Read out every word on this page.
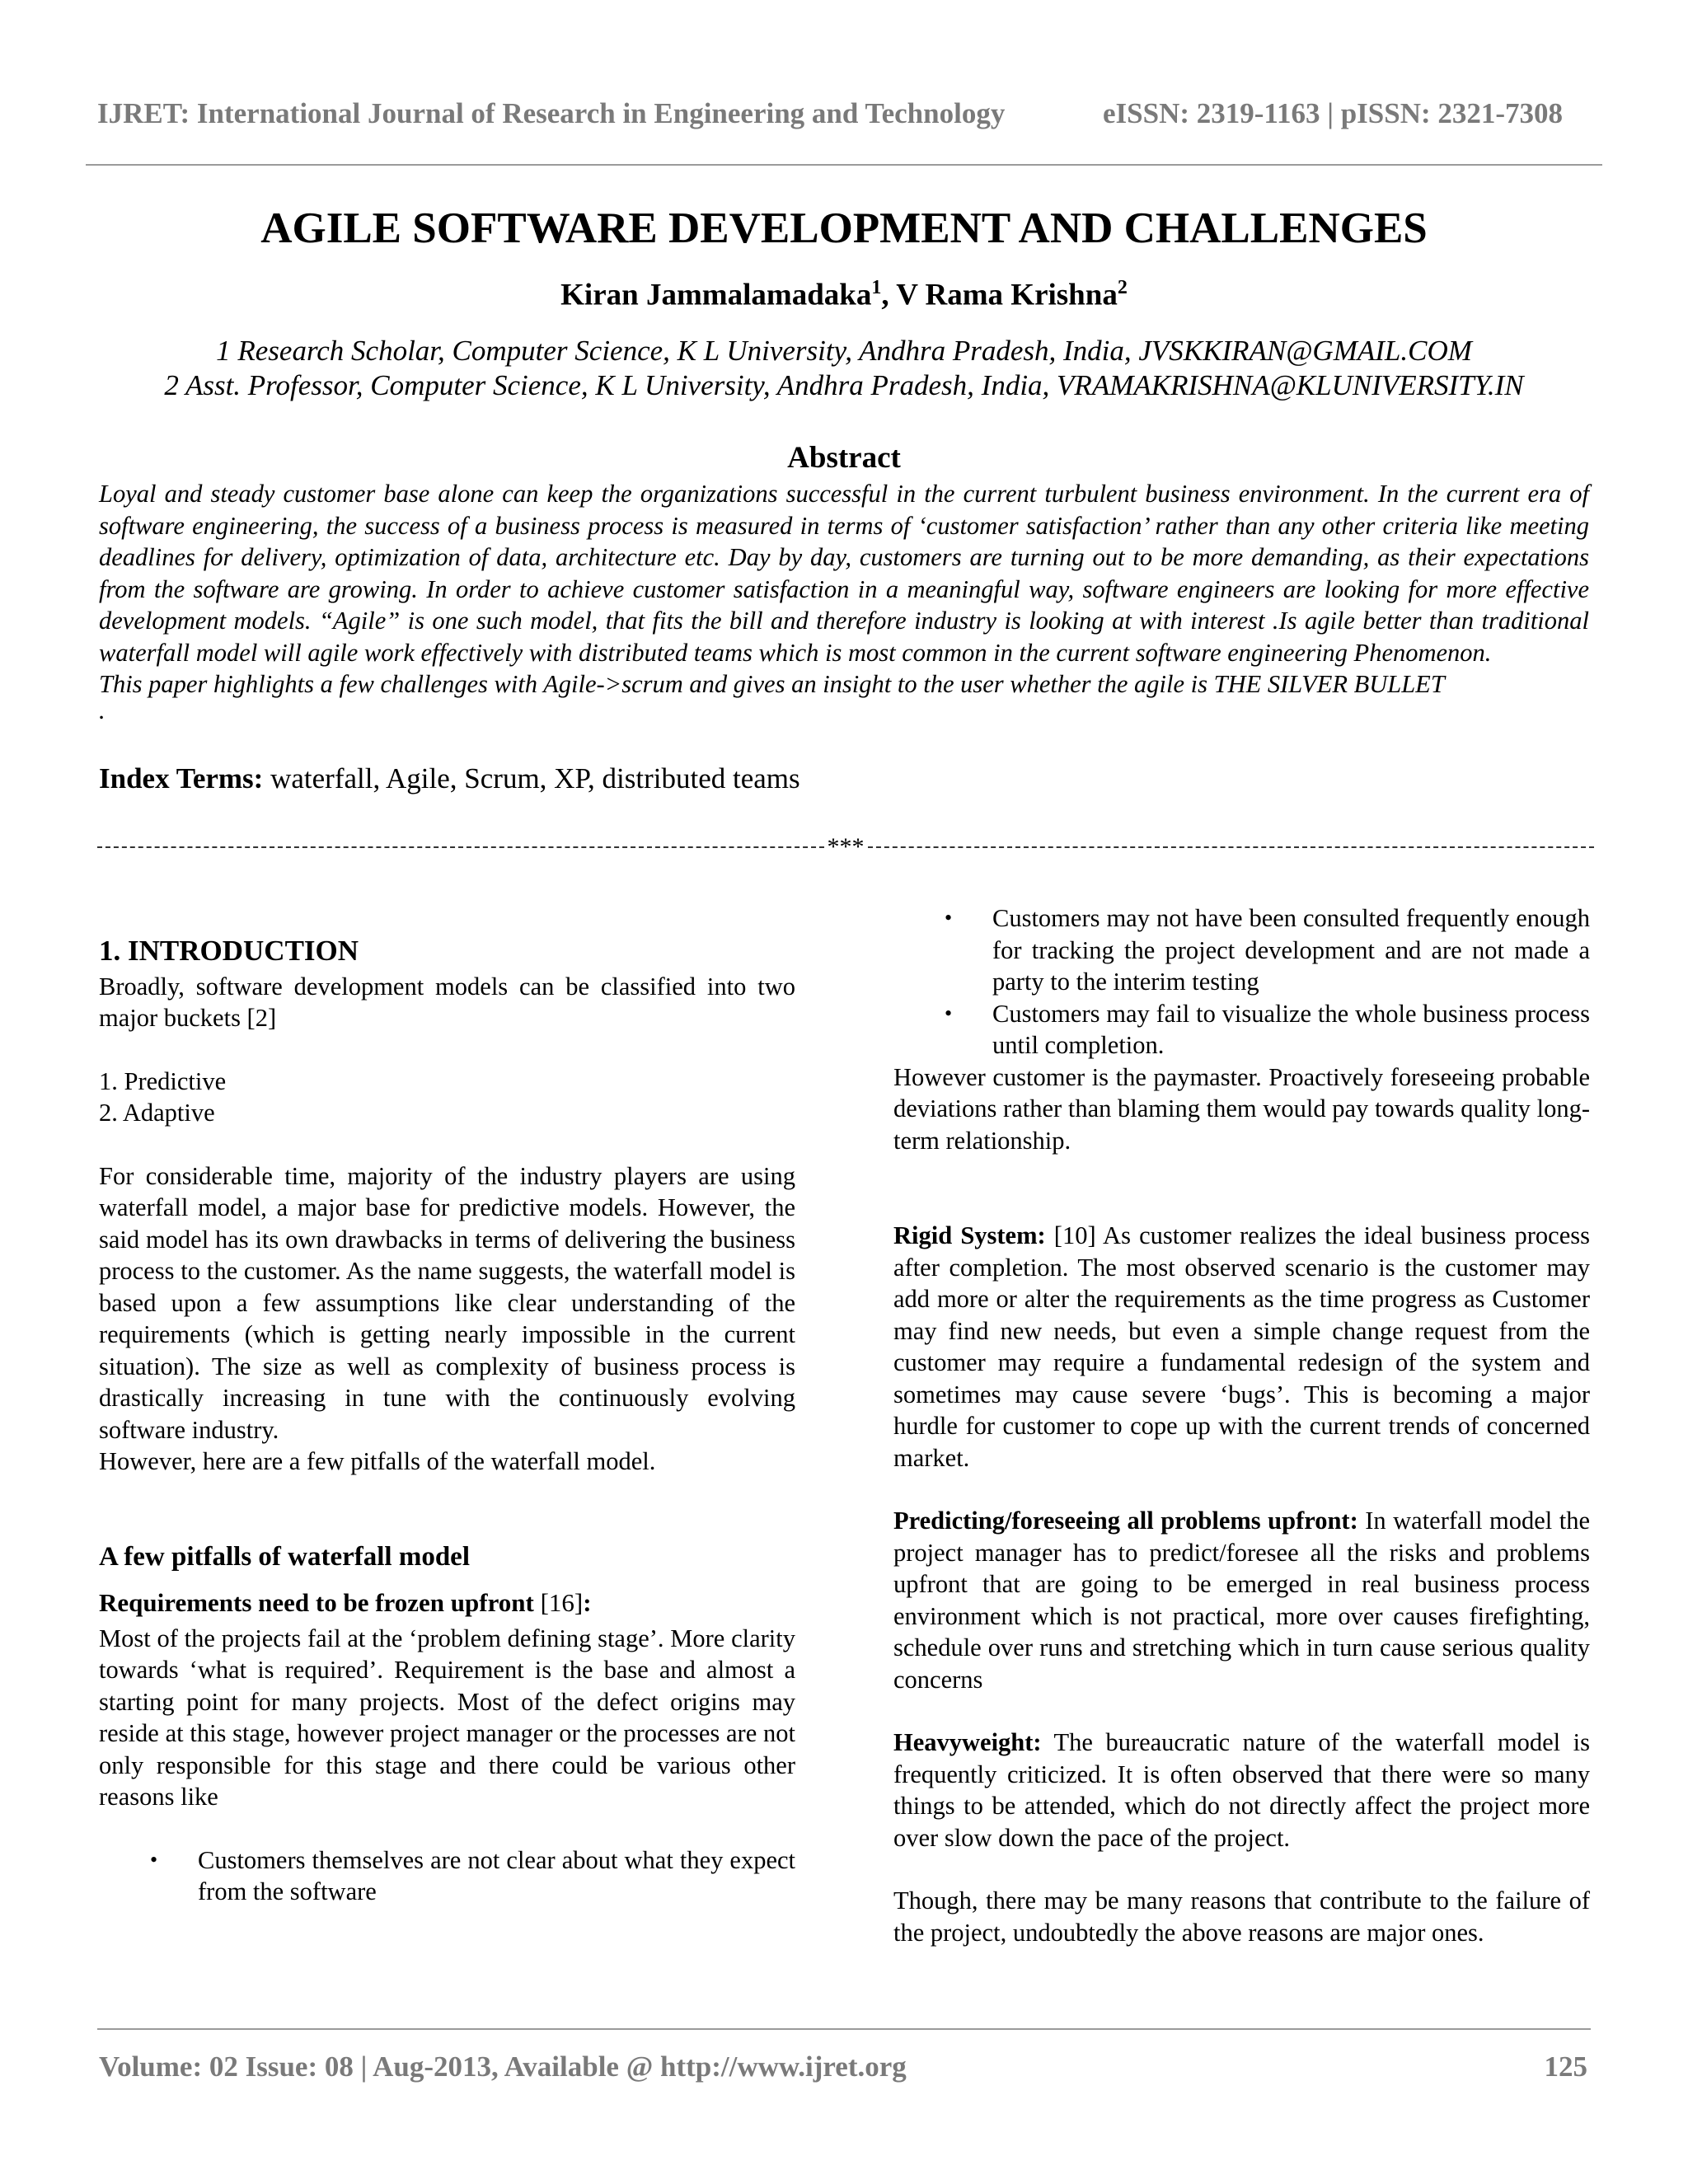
IJRET: International Journal of Research in Engineering and Technology	eISSN: 2319-1163 | pISSN: 2321-7308
AGILE SOFTWARE DEVELOPMENT AND CHALLENGES
Kiran Jammalamadaka$^1$, V Rama Krishna$^2$
1 Research Scholar, Computer Science, K L University, Andhra Pradesh, India, JVSKKIRAN@GMAIL.COM
2 Asst. Professor, Computer Science, K L University, Andhra Pradesh, India, VRAMAKRISHNA@KLUNIVERSITY.IN
Abstract

Loyal and steady customer base alone can keep the organizations successful in the current turbulent business environment. In the current era of software engineering, the success of a business process is measured in terms of ‘customer satisfaction’ rather than any other criteria like meeting deadlines for delivery, optimization of data, architecture etc. Day by day, customers are turning out to be more demanding, as their expectations from the software are growing. In order to achieve customer satisfaction in a meaningful way, software engineers are looking for more effective development models. “Agile” is one such model, that fits the bill and therefore industry is looking at with interest .Is agile better than traditional waterfall model will agile work effectively with distributed teams which is most common in the current software engineering Phenomenon.

This paper highlights a few challenges with Agile->scrum and gives an insight to the user whether the agile is THE SILVER BULLET

.

Index Terms: waterfall, Agile, Scrum, XP, distributed teams
***
1. INTRODUCTION

Broadly, software development models can be classified into two major buckets [2]

1. Predictive

2. Adaptive

For considerable time, majority of the industry players are using waterfall model, a major base for predictive models. However, the said model has its own drawbacks in terms of delivering the business process to the customer. As the name suggests, the waterfall model is based upon a few assumptions like clear understanding of the requirements (which is getting nearly impossible in the current situation). The size as well as complexity of business process is drastically increasing in tune with the continuously evolving software industry.

However, here are a few pitfalls of the waterfall model.

A few pitfalls of waterfall model
Requirements need to be frozen upfront [16]:

Most of the projects fail at the ‘problem defining stage’. More clarity towards ‘what is required’. Requirement is the base and almost a starting point for many projects. Most of the defect origins may reside at this stage, however project manager or the processes are not only responsible for this stage and there could be various other reasons like

• Customers themselves are not clear about what they expect from the software
• Customers may not have been consulted frequently enough for tracking the project development and are not made a party to the interim testing
• Customers may fail to visualize the whole business process until completion.

However customer is the paymaster. Proactively foreseeing probable deviations rather than blaming them would pay towards quality long-term relationship.

Rigid System: [10] As customer realizes the ideal business process after completion. The most observed scenario is the customer may add more or alter the requirements as the time progress as Customer may find new needs, but even a simple change request from the customer may require a fundamental redesign of the system and sometimes may cause severe ‘bugs’. This is becoming a major hurdle for customer to cope up with the current trends of concerned market.

Predicting/foreseeing all problems upfront: In waterfall model the project manager has to predict/foresee all the risks and problems upfront that are going to be emerged in real business process environment which is not practical, more over causes firefighting, schedule over runs and stretching which in turn cause serious quality concerns

Heavyweight: The bureaucratic nature of the waterfall model is frequently criticized. It is often observed that there were so many things to be attended, which do not directly affect the project more over slow down the pace of the project.

Though, there may be many reasons that contribute to the failure of the project, undoubtedly the above reasons are major ones.

Volume: 02 Issue: 08 | Aug-2013, Available @ http://www.ijret.org	125
